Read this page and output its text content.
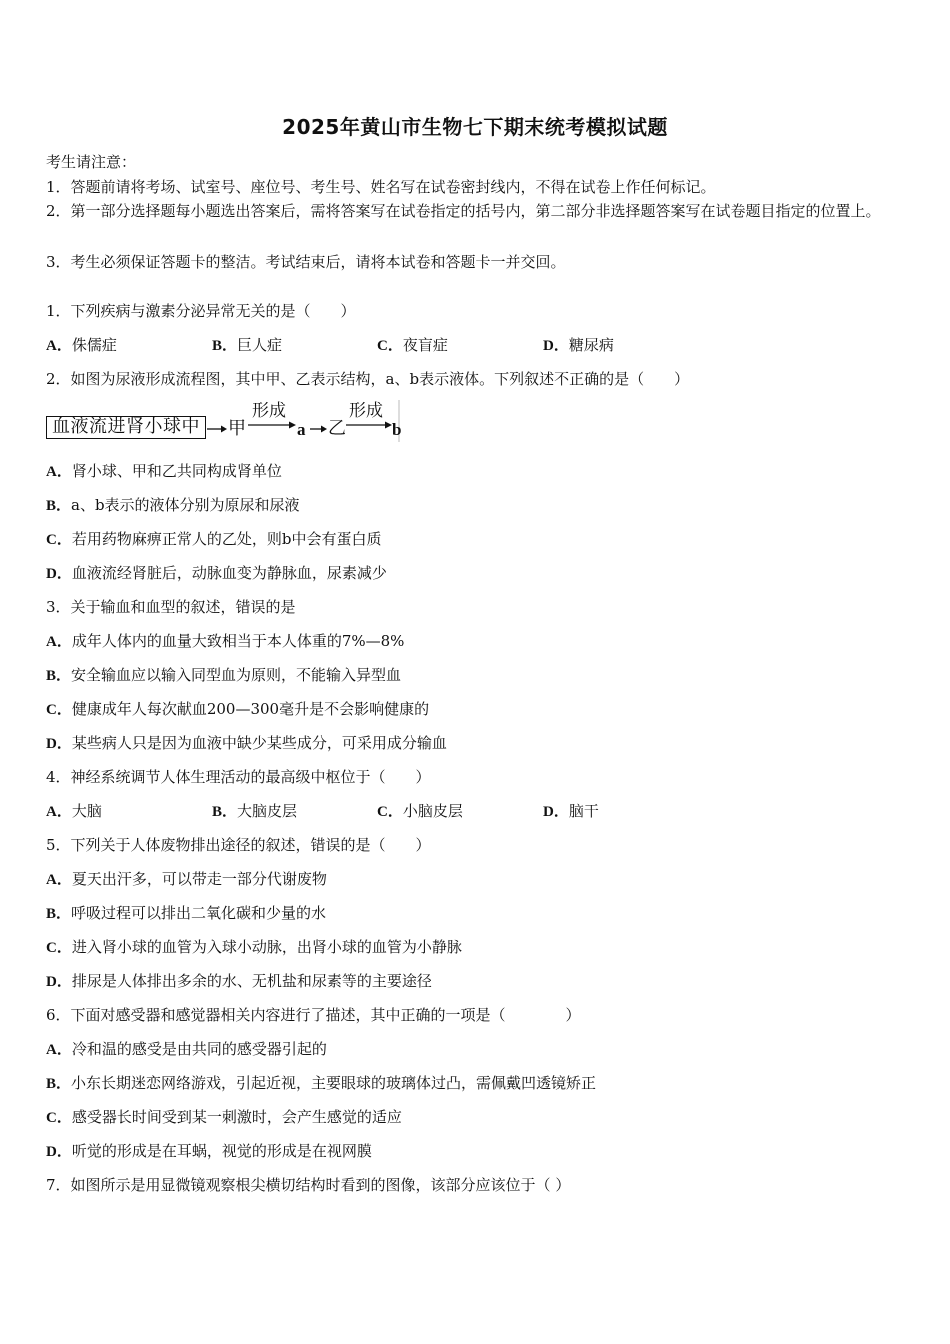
2025年黄山市生物七下期末统考模拟试题
考生请注意：
1．答题前请将考场、试室号、座位号、考生号、姓名写在试卷密封线内，不得在试卷上作任何标记。
2．第一部分选择题每小题选出答案后，需将答案写在试卷指定的括号内，第二部分非选择题答案写在试卷题目指定的位置上。
3．考生必须保证答题卡的整洁。考试结束后，请将本试卷和答题卡一并交回。
1．下列疾病与激素分泌异常无关的是（　　）
A．侏儒症	B．巨人症	C．夜盲症	D．糖尿病
2．如图为尿液形成流程图，其中甲、乙表示结构，a、b表示液体。下列叙述不正确的是（　　）
血液流进肾小球中	甲
形成
a 乙
形成
b
A．肾小球、甲和乙共同构成肾单位
B．a、b表示的液体分别为原尿和尿液
C．若用药物麻痹正常人的乙处，则b中会有蛋白质
D．血液流经肾脏后，动脉血变为静脉血，尿素减少
3．关于输血和血型的叙述，错误的是
A．成年人体内的血量大致相当于本人体重的7%—8%
B．安全输血应以输入同型血为原则，不能输入异型血
C．健康成年人每次献血200—300毫升是不会影响健康的
D．某些病人只是因为血液中缺少某些成分，可采用成分输血
4．神经系统调节人体生理活动的最高级中枢位于（　　）
A．大脑	B．大脑皮层	C．小脑皮层	D．脑干
5．下列关于人体废物排出途径的叙述，错误的是（　　）
A．夏天出汗多，可以带走一部分代谢废物
B．呼吸过程可以排出二氧化碳和少量的水
C．进入肾小球的血管为入球小动脉，出肾小球的血管为小静脉
D．排尿是人体排出多余的水、无机盐和尿素等的主要途径
6．下面对感受器和感觉器相关内容进行了描述，其中正确的一项是（　　　　）
A．冷和温的感受是由共同的感受器引起的
B．小东长期迷恋网络游戏，引起近视，主要眼球的玻璃体过凸，需佩戴凹透镜矫正
C．感受器长时间受到某一刺激时，会产生感觉的适应
D．听觉的形成是在耳蜗，视觉的形成是在视网膜
7．如图所示是用显微镜观察根尖横切结构时看到的图像，该部分应该位于（ ）
